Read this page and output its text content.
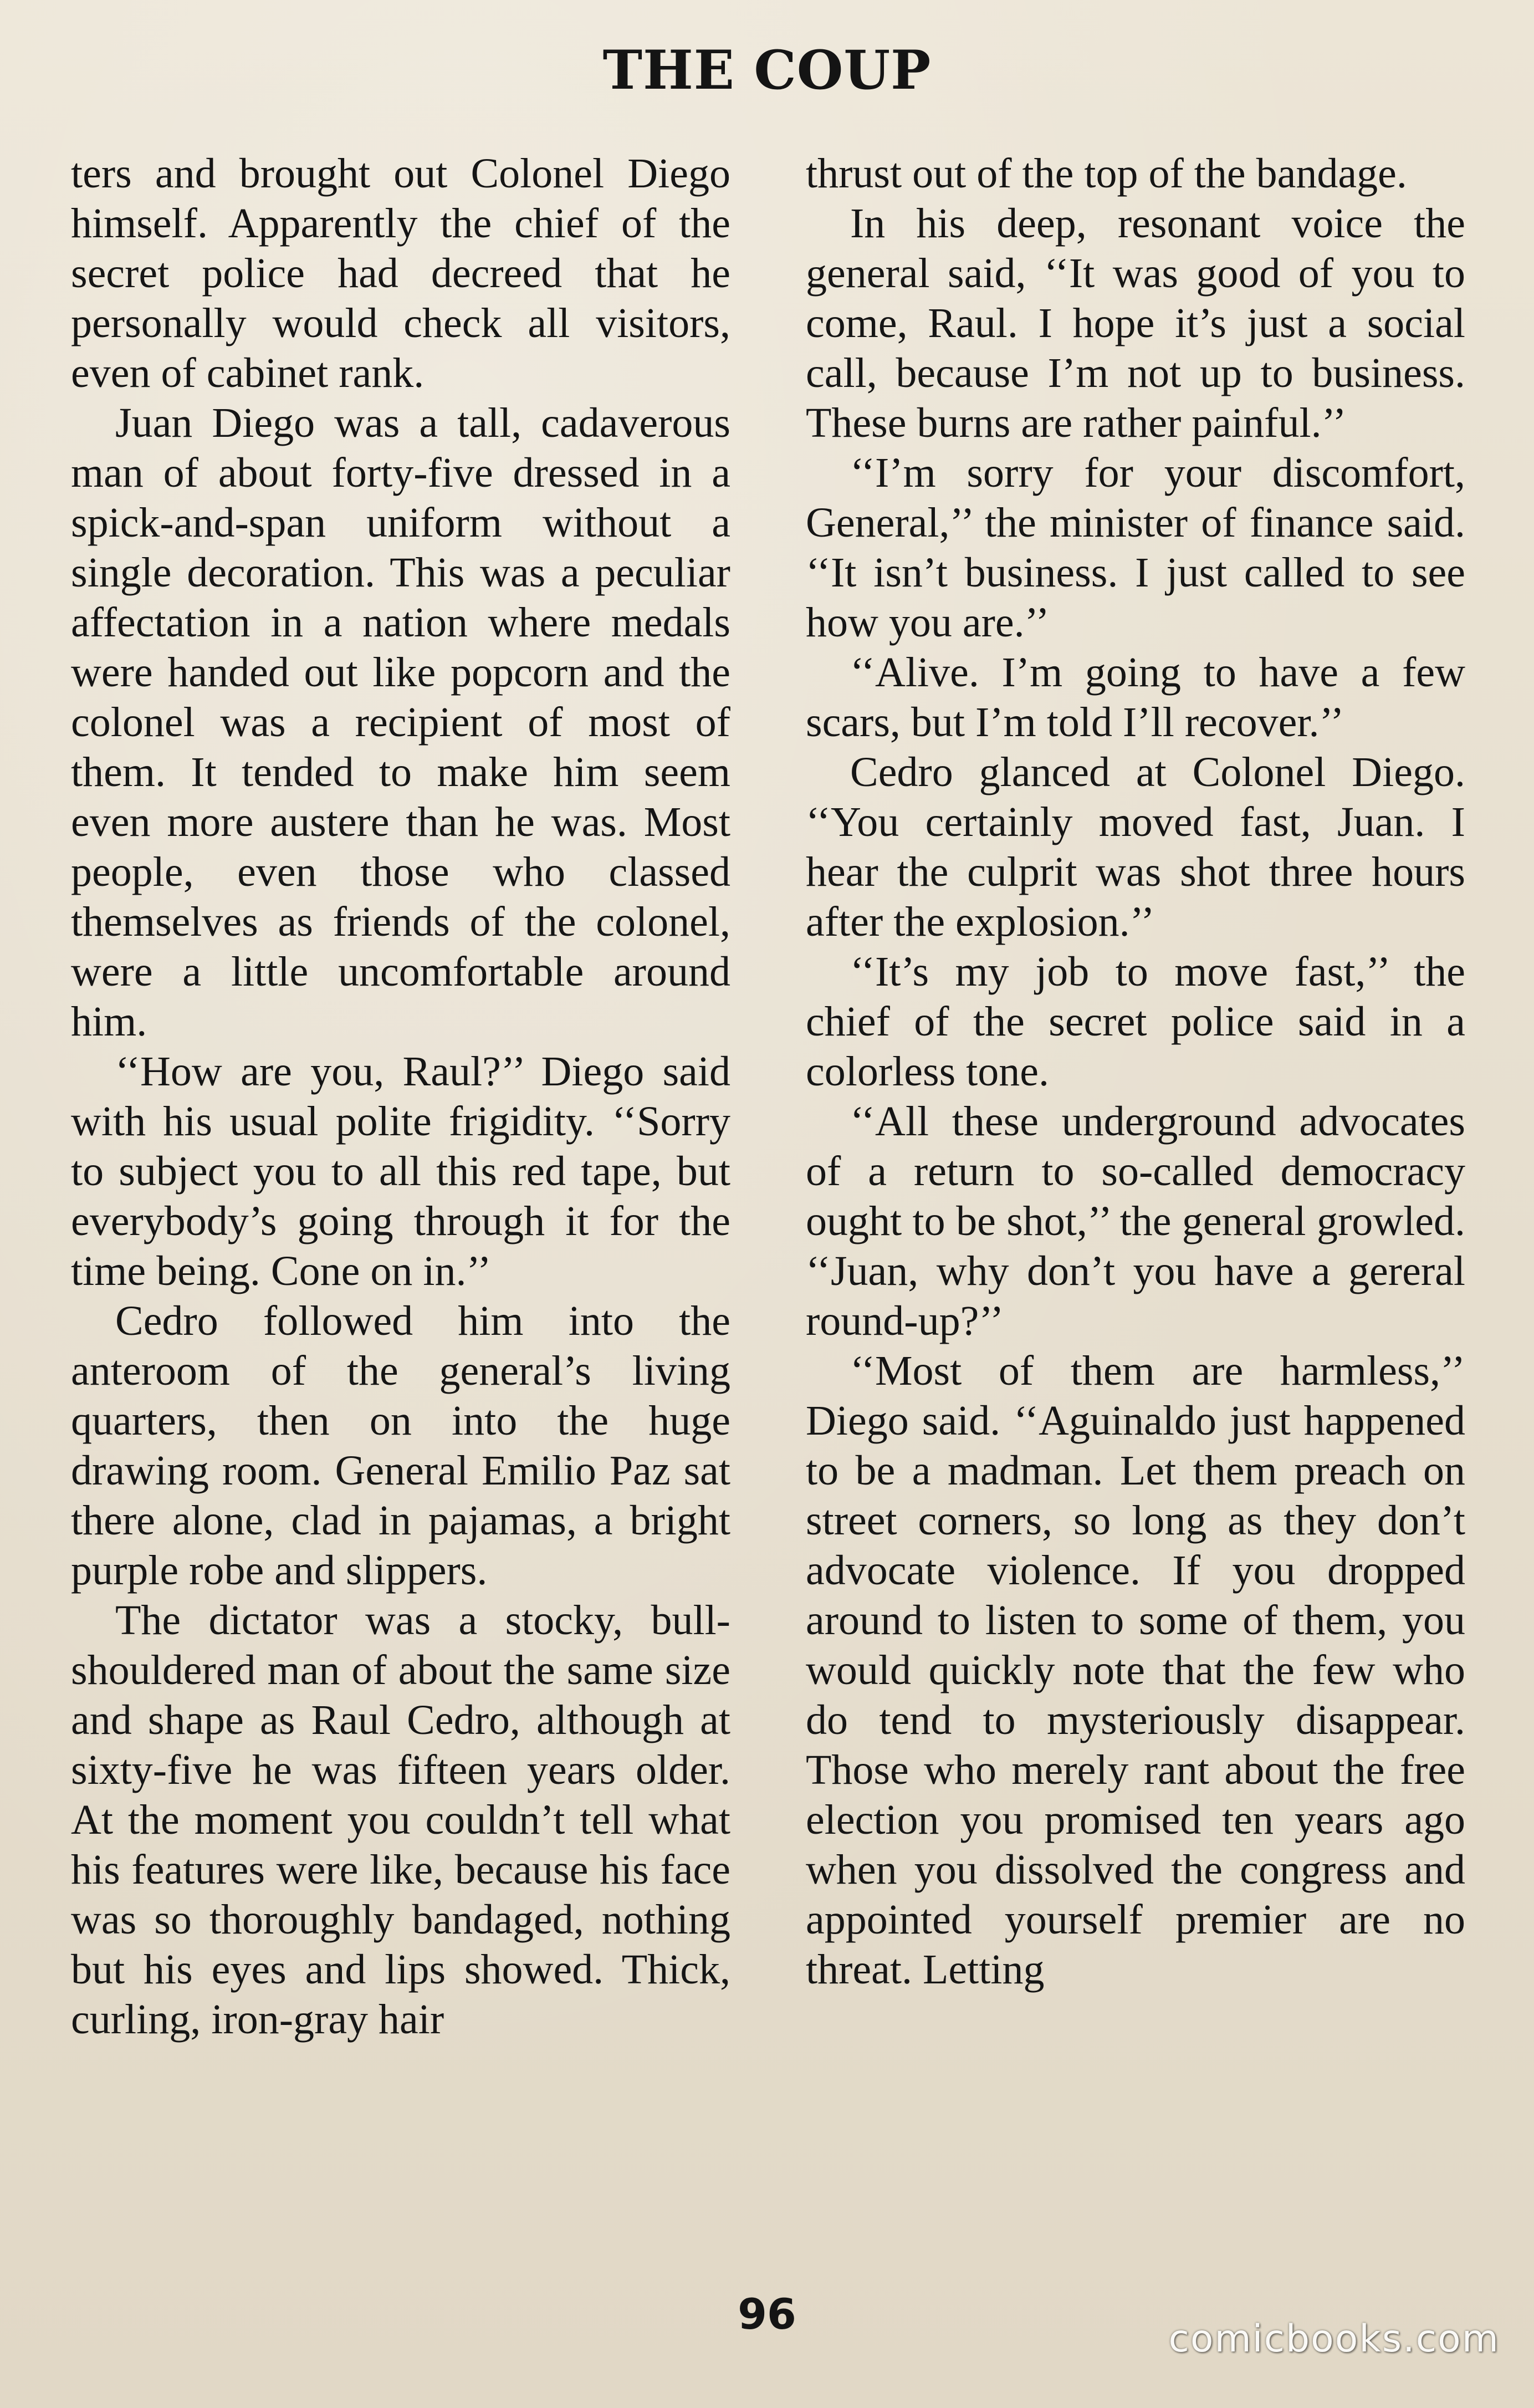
THE COUP

ters and brought out Colonel Diego himself. Apparently the chief of the secret police had decreed that he personally would check all visitors, even of cabinet rank.

Juan Diego was a tall, cadaverous man of about forty-five dressed in a spick-and-span uniform without a single decoration. This was a peculiar affectation in a nation where medals were handed out like popcorn and the colonel was a recipient of most of them. It tended to make him seem even more austere than he was. Most people, even those who classed themselves as friends of the colonel, were a little uncomfortable around him.

‘‘How are you, Raul?’’ Diego said with his usual polite frigidity. ‘‘Sorry to subject you to all this red tape, but everybody’s going through it for the time being. Cone on in.’’

Cedro followed him into the anteroom of the general’s living quarters, then on into the huge drawing room. General Emilio Paz sat there alone, clad in pajamas, a bright purple robe and slippers.

The dictator was a stocky, bull-shouldered man of about the same size and shape as Raul Cedro, although at sixty-five he was fifteen years older. At the moment you couldn’t tell what his features were like, because his face was so thoroughly bandaged, nothing but his eyes and lips showed. Thick, curling, iron-gray hair

thrust out of the top of the bandage.

In his deep, resonant voice the general said, ‘‘It was good of you to come, Raul. I hope it’s just a social call, because I’m not up to business. These burns are rather painful.’’

‘‘I’m sorry for your discomfort, General,’’ the minister of finance said. ‘‘It isn’t business. I just called to see how you are.’’

‘‘Alive. I’m going to have a few scars, but I’m told I’ll recover.’’

Cedro glanced at Colonel Diego. ‘‘You certainly moved fast, Juan. I hear the culprit was shot three hours after the explosion.’’

‘‘It’s my job to move fast,’’ the chief of the secret police said in a colorless tone.

‘‘All these underground advocates of a return to so-called democracy ought to be shot,’’ the general growled. ‘‘Juan, why don’t you have a gereral round-up?’’

‘‘Most of them are harmless,’’ Diego said. ‘‘Aguinaldo just happened to be a madman. Let them preach on street corners, so long as they don’t advocate violence. If you dropped around to listen to some of them, you would quickly note that the few who do tend to mysteriously disappear. Those who merely rant about the free election you promised ten years ago when you dissolved the congress and appointed yourself premier are no threat. Letting

96
comicbooks.com
